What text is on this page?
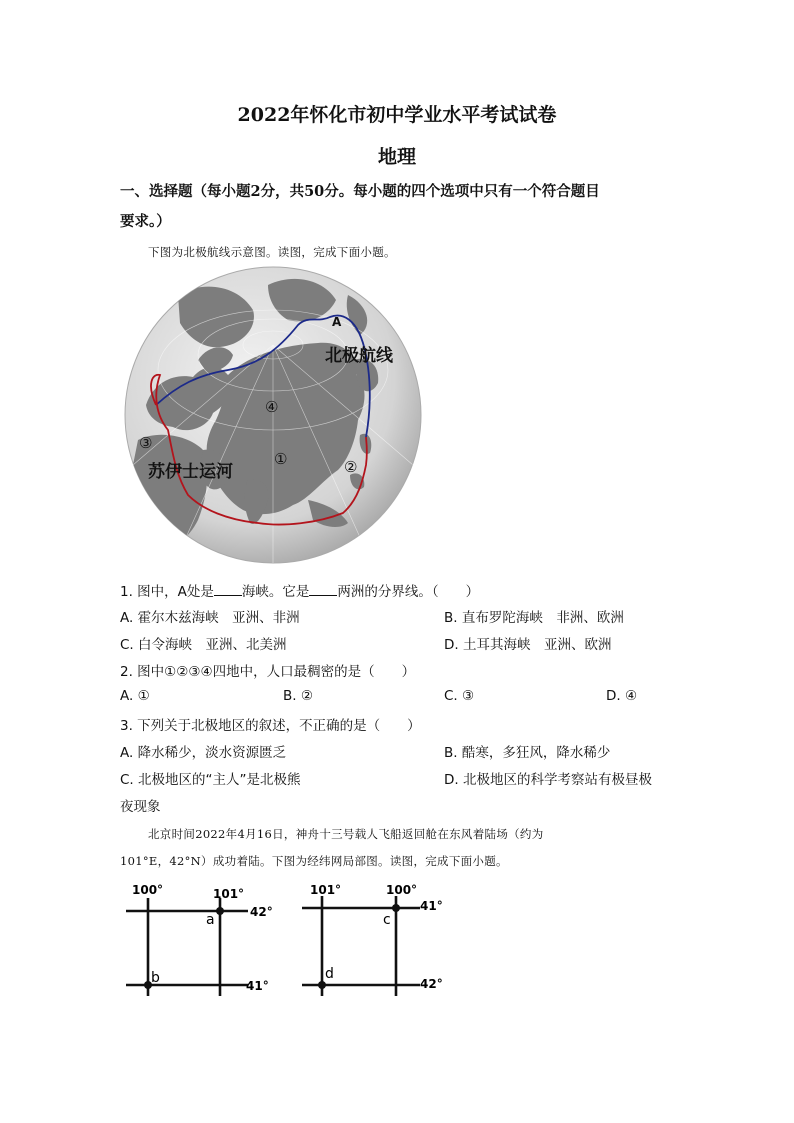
2022年怀化市初中学业水平考试试卷
地理
一、选择题（每小题2分，共50分。每小题的四个选项中只有一个符合题目
要求。）
下图为北极航线示意图。读图，完成下面小题。
A
北极航线
苏伊士运河
④
③
①	②
1. 图中，A处是 海峡。它是 两洲的分界线。（　　）
A. 霍尔木兹海峡　亚洲、非洲	B. 直布罗陀海峡　非洲、欧洲
C. 白令海峡　亚洲、北美洲	D. 土耳其海峡　亚洲、欧洲
2. 图中①②③④四地中，人口最稠密的是（　　）
A. ①	B. ②	C. ③	D. ④
3. 下列关于北极地区的叙述，不正确的是（　　）
A. 降水稀少，淡水资源匮乏	B. 酷寒，多狂风，降水稀少
C. 北极地区的“主人”是北极熊	D. 北极地区的科学考察站有极昼极
夜现象
北京时间2022年4月16日，神舟十三号载人飞船返回舱在东风着陆场（约为
101°E，42°N）成功着陆。下图为经纬网局部图。读图，完成下面小题。
100°	101°
42°
41°
a
b
101°	100°
41°
42°
c
d
